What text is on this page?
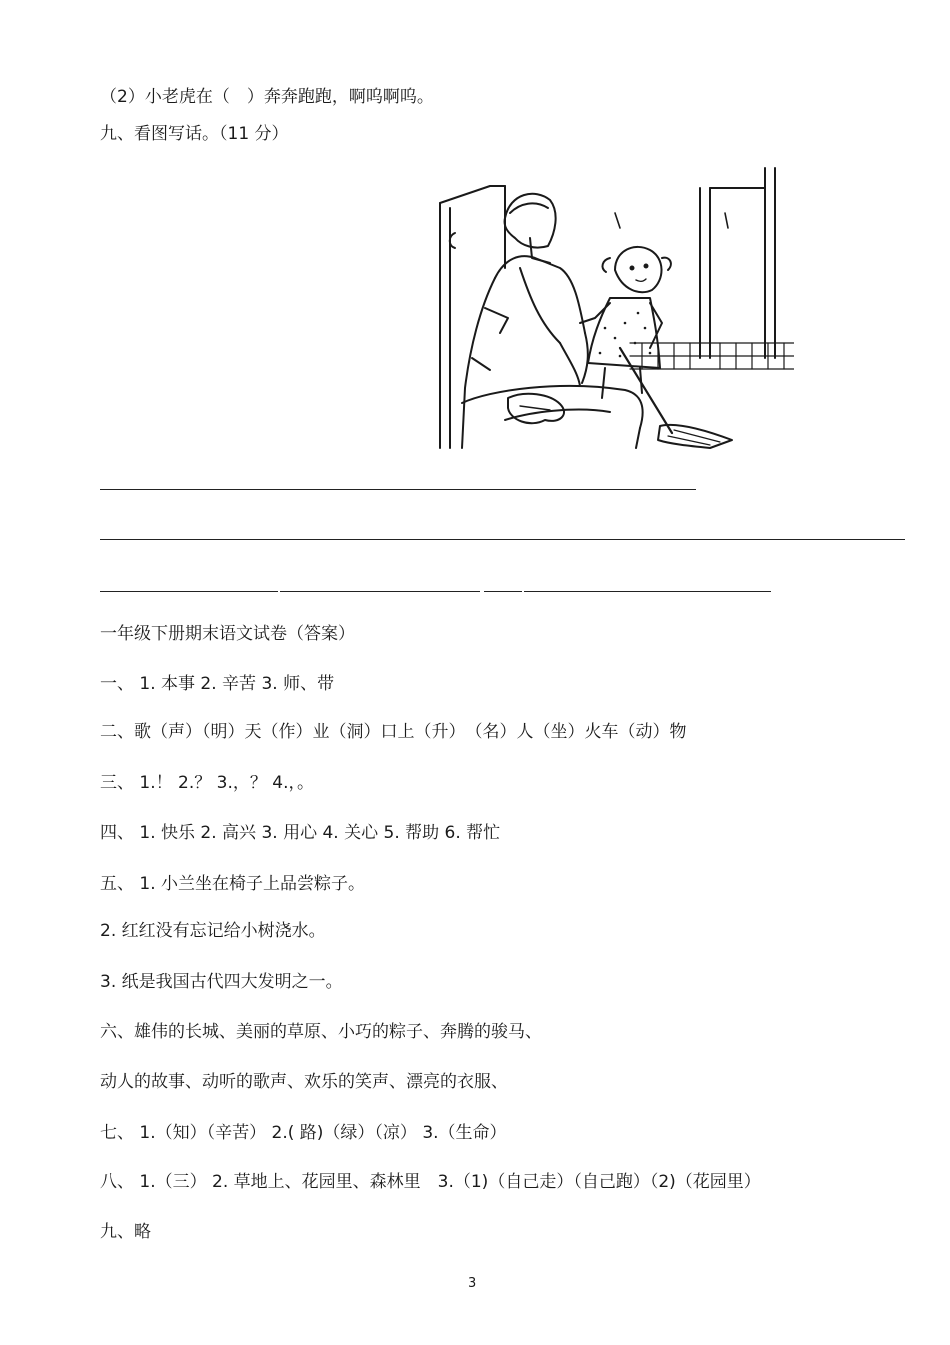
（2）小老虎在（　）奔奔跑跑，啊呜啊呜。
九、看图写话。（11 分）
一年级下册期末语文试卷（答案）
一、 1. 本事 2. 辛苦 3. 师、带
二、歌（声）（明）天（作）业（洞）口上（升）　（名）人（坐）火车（动）物
三、 1.！ 2.？ 3.，？ 4.，。
四、 1. 快乐 2. 高兴 3. 用心 4. 关心 5. 帮助 6. 帮忙
五、 1. 小兰坐在椅子上品尝粽子。
2. 红红没有忘记给小树浇水。
3. 纸是我国古代四大发明之一。
六、雄伟的长城、美丽的草原、小巧的粽子、奔腾的骏马、
动人的故事、动听的歌声、欢乐的笑声、漂亮的衣服、
七、 1.（知）（辛苦） 2.( 路)（绿）（凉） 3.（生命）
八、 1.（三） 2. 草地上、花园里、森林里　3.（1)（自己走）（自己跑）（2)（花园里）
九、略
3
